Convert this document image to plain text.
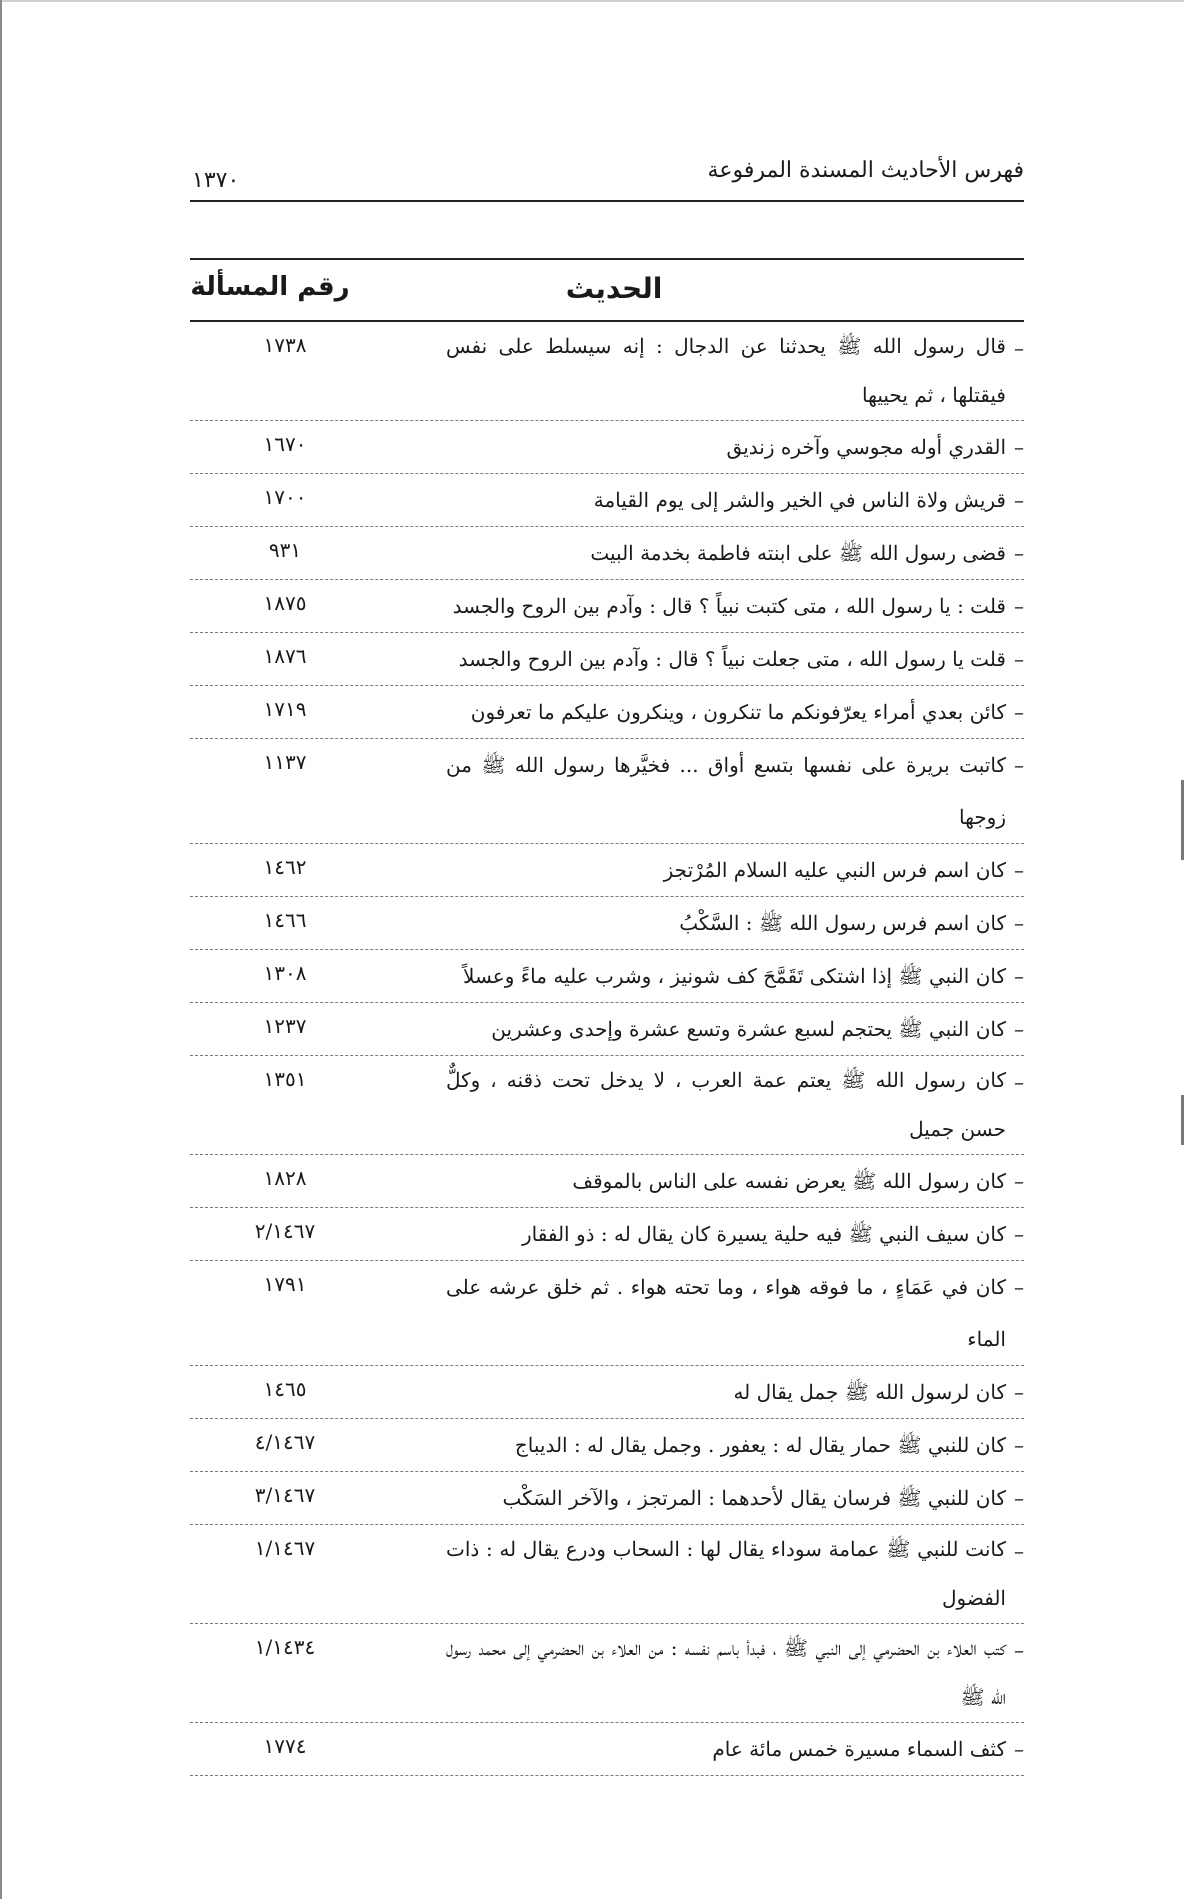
فهرس الأحاديث المسندة المرفوعة
١٣٧٠
الحديث
رقم المسألة
–
قال رسول الله ﷺ يحدثنا عن الدجال : إنه سيسلط على نفس فيقتلها ، ثم يحييها
١٧٣٨
–
القدري أوله مجوسي وآخره زنديق
١٦٧٠
–
قريش ولاة الناس في الخير والشر إلى يوم القيامة
١٧٠٠
–
قضى رسول الله ﷺ على ابنته فاطمة بخدمة البيت
٩٣١
–
قلت : يا رسول الله ، متى كتبت نبياً ؟ قال : وآدم بين الروح والجسد
١٨٧٥
–
قلت يا رسول الله ، متى جعلت نبياً ؟ قال : وآدم بين الروح والجسد
١٨٧٦
–
كائن بعدي أمراء يعرّفونكم ما تنكرون ، وينكرون عليكم ما تعرفون
١٧١٩
–
كاتبت بريرة على نفسها بتسع أواق ... فخيَّرها رسول الله ﷺ من زوجها
١١٣٧
–
كان اسم فرس النبي عليه السلام المُرْتجز
١٤٦٢
–
كان اسم فرس رسول الله ﷺ : السَّكْبُ
١٤٦٦
–
كان النبي ﷺ إذا اشتكى تَقَمَّحَ كف شونيز ، وشرب عليه ماءً وعسلاً
١٣٠٨
–
كان النبي ﷺ يحتجم لسبع عشرة وتسع عشرة وإحدى وعشرين
١٢٣٧
–
كان رسول الله ﷺ يعتم عمة العرب ، لا يدخل تحت ذقنه ، وكلٌّ حسن جميل
١٣٥١
–
كان رسول الله ﷺ يعرض نفسه على الناس بالموقف
١٨٢٨
–
كان سيف النبي ﷺ فيه حلية يسيرة كان يقال له : ذو الفقار
٢/١٤٦٧
–
كان في عَمَاءٍ ، ما فوقه هواء ، وما تحته هواء . ثم خلق عرشه على الماء
١٧٩١
–
كان لرسول الله ﷺ جمل يقال له
١٤٦٥
–
كان للنبي ﷺ حمار يقال له : يعفور . وجمل يقال له : الديباج
٤/١٤٦٧
–
كان للنبي ﷺ فرسان يقال لأحدهما : المرتجز ، والآخر السَكْب
٣/١٤٦٧
–
كانت للنبي ﷺ عمامة سوداء يقال لها : السحاب ودرع يقال له : ذات الفضول
١/١٤٦٧
–
كتب العلاء بن الحضرمي إلى النبي ﷺ ، فبدأ باسم نفسه : من العلاء بن الحضرمي إلى محمد رسول الله ﷺ
١/١٤٣٤
–
كثف السماء مسيرة خمس مائة عام
١٧٧٤
